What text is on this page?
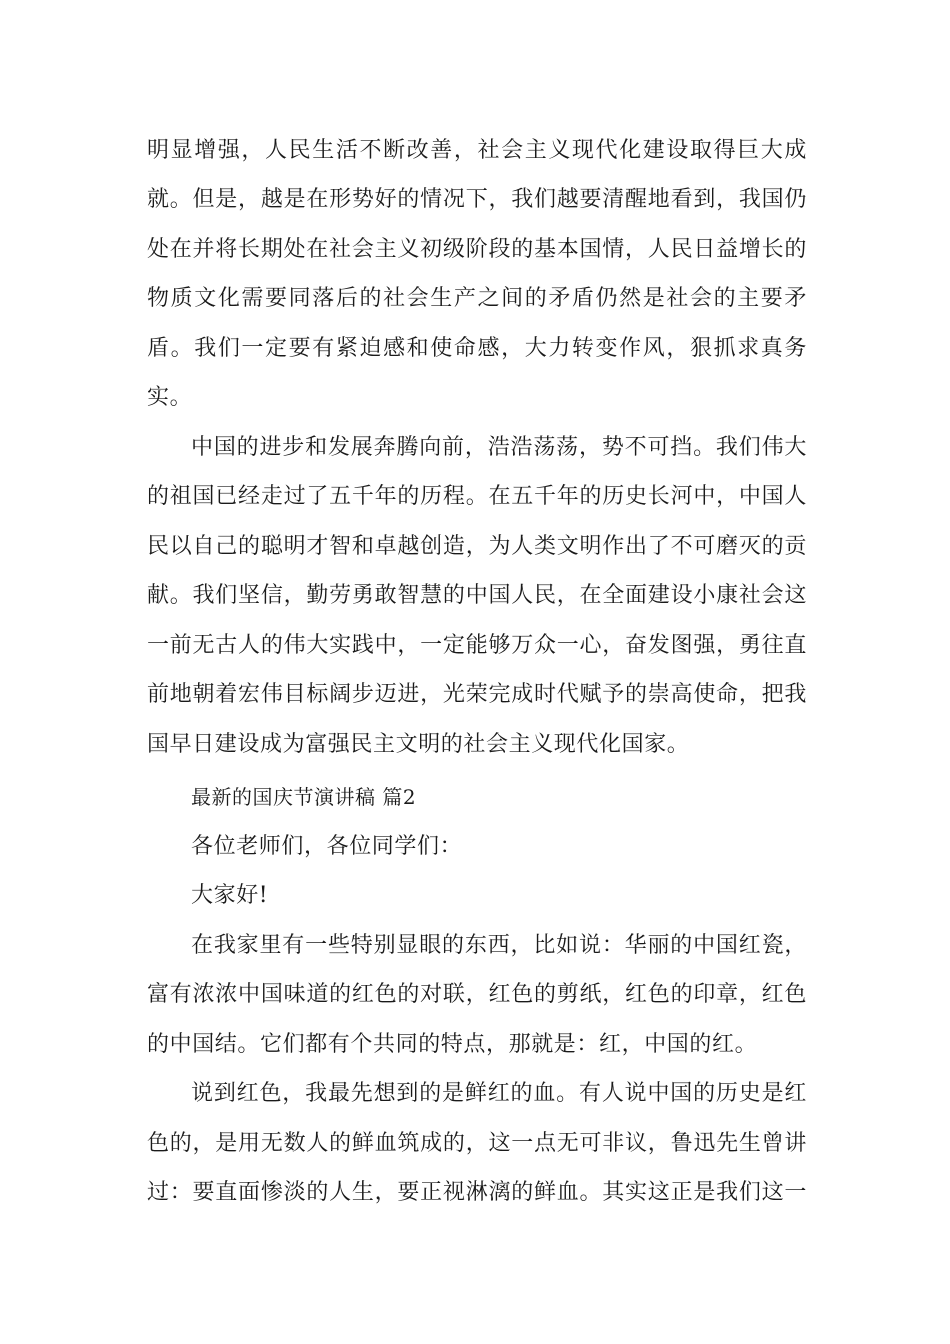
明显增强，人民生活不断改善，社会主义现代化建设取得巨大成
就。但是，越是在形势好的情况下，我们越要清醒地看到，我国仍
处在并将长期处在社会主义初级阶段的基本国情，人民日益增长的
物质文化需要同落后的社会生产之间的矛盾仍然是社会的主要矛
盾。我们一定要有紧迫感和使命感，大力转变作风，狠抓求真务
实。
中国的进步和发展奔腾向前，浩浩荡荡，势不可挡。我们伟大
的祖国已经走过了五千年的历程。在五千年的历史长河中，中国人
民以自己的聪明才智和卓越创造，为人类文明作出了不可磨灭的贡
献。我们坚信，勤劳勇敢智慧的中国人民，在全面建设小康社会这
一前无古人的伟大实践中，一定能够万众一心，奋发图强，勇往直
前地朝着宏伟目标阔步迈进，光荣完成时代赋予的崇高使命，把我
国早日建设成为富强民主文明的社会主义现代化国家。
最新的国庆节演讲稿 篇2
各位老师们，各位同学们：
大家好!
在我家里有一些特别显眼的东西，比如说：华丽的中国红瓷，
富有浓浓中国味道的红色的对联，红色的剪纸，红色的印章，红色
的中国结。它们都有个共同的特点，那就是：红，中国的红。
说到红色，我最先想到的是鲜红的血。有人说中国的历史是红
色的，是用无数人的鲜血筑成的，这一点无可非议，鲁迅先生曾讲
过：要直面惨淡的人生，要正视淋漓的鲜血。其实这正是我们这一
